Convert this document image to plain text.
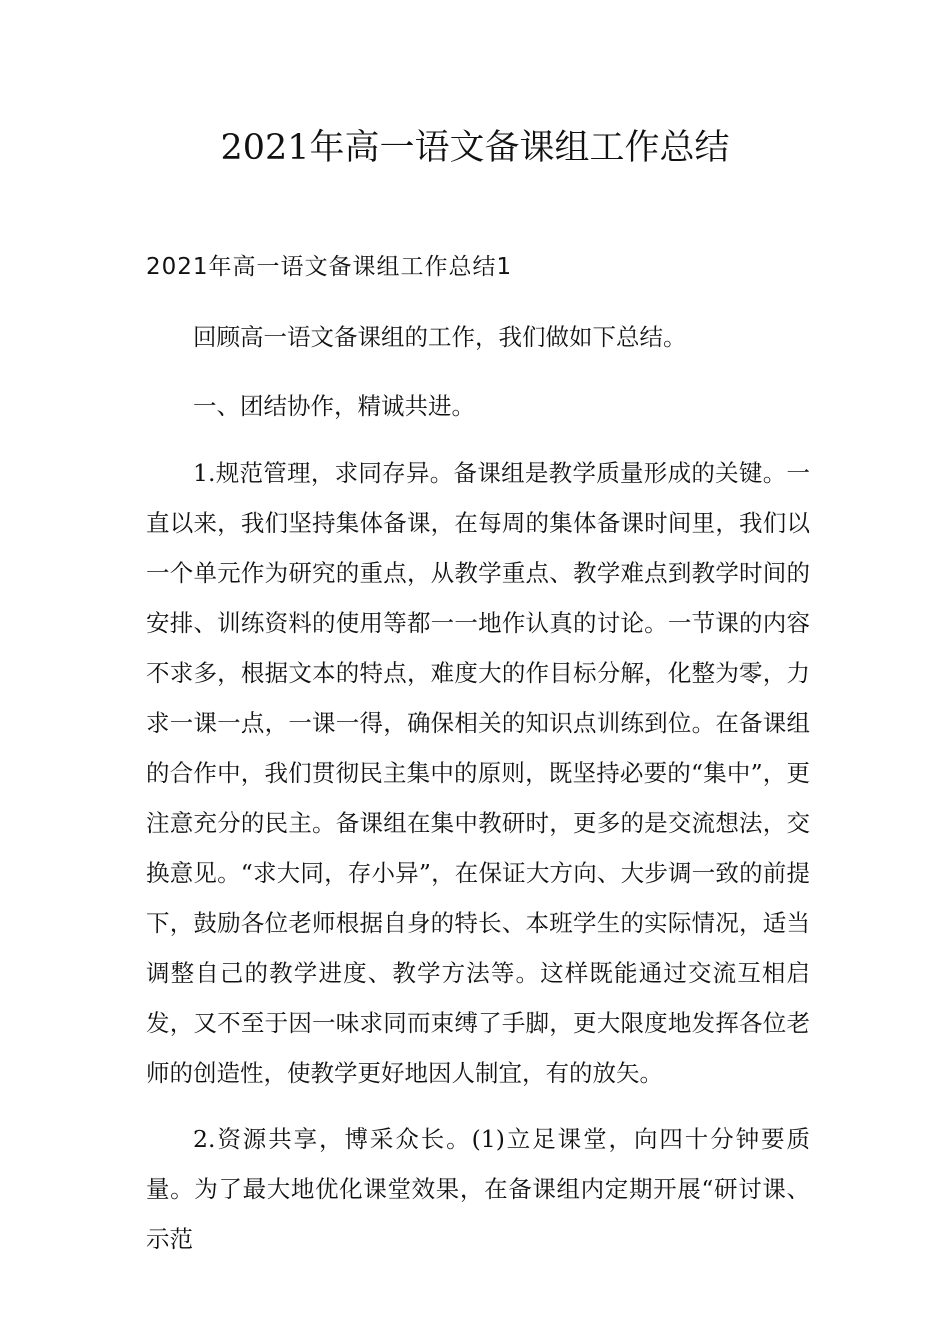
2021年高一语文备课组工作总结
2021年高一语文备课组工作总结1

回顾高一语文备课组的工作，我们做如下总结。

一、团结协作，精诚共进。

1.规范管理，求同存异。备课组是教学质量形成的关键。一直以来，我们坚持集体备课，在每周的集体备课时间里，我们以一个单元作为研究的重点，从教学重点、教学难点到教学时间的安排、训练资料的使用等都一一地作认真的讨论。一节课的内容不求多，根据文本的特点，难度大的作目标分解，化整为零，力求一课一点，一课一得，确保相关的知识点训练到位。在备课组的合作中，我们贯彻民主集中的原则，既坚持必要的“集中”，更注意充分的民主。备课组在集中教研时，更多的是交流想法，交换意见。“求大同，存小异”，在保证大方向、大步调一致的前提下，鼓励各位老师根据自身的特长、本班学生的实际情况，适当调整自己的教学进度、教学方法等。这样既能通过交流互相启发，又不至于因一味求同而束缚了手脚，更大限度地发挥各位老师的创造性，使教学更好地因人制宜，有的放矢。

2.资源共享，博采众长。(1)立足课堂，向四十分钟要质量。为了最大地优化课堂效果，在备课组内定期开展“研讨课、示范
